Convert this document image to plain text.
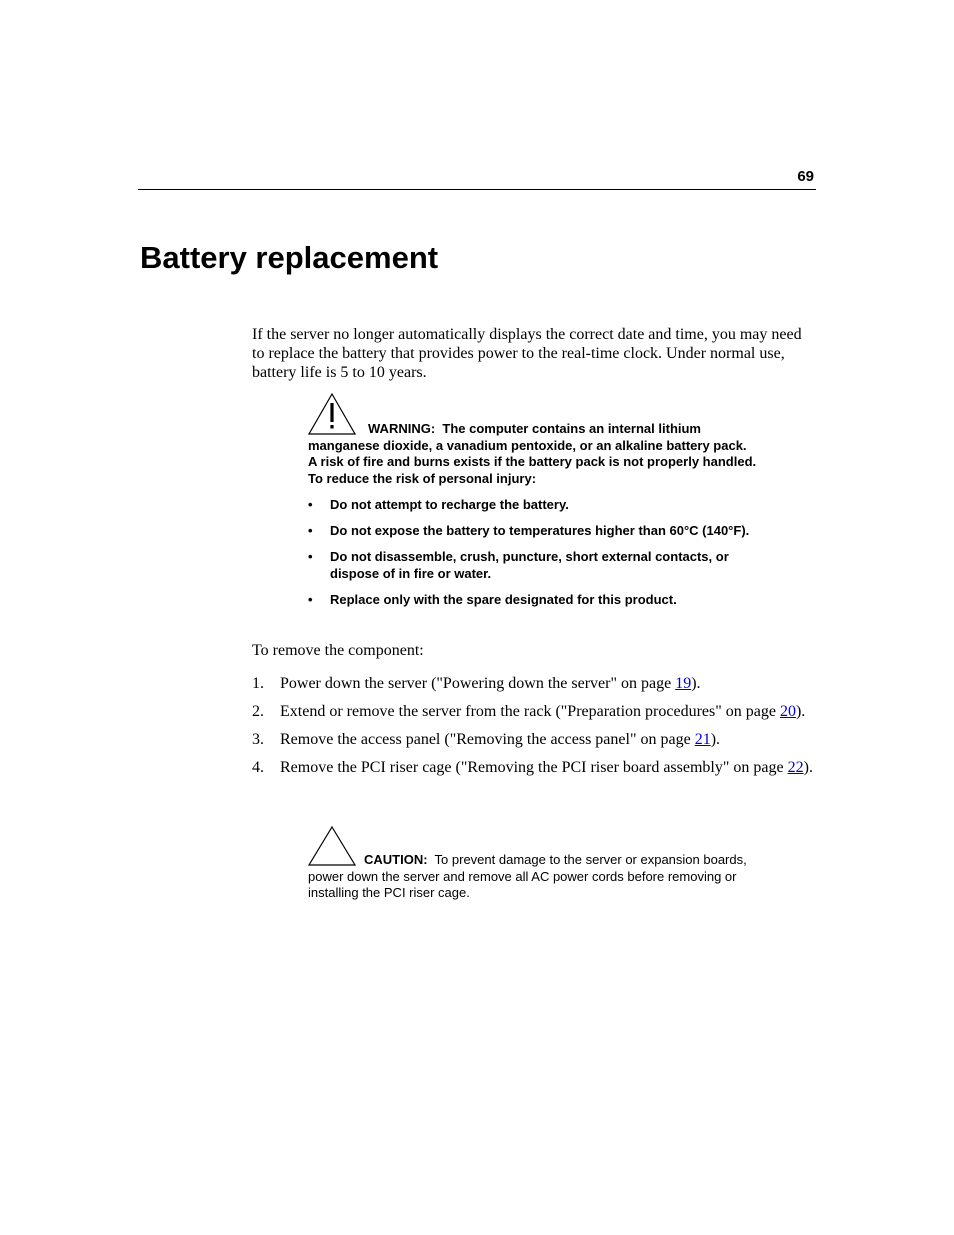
69
Battery replacement

If the server no longer automatically displays the correct date and time, you may need to replace the battery that provides power to the real-time clock. Under normal use, battery life is 5 to 10 years.

WARNING: The computer contains an internal lithium manganese dioxide, a vanadium pentoxide, or an alkaline battery pack. A risk of fire and burns exists if the battery pack is not properly handled. To reduce the risk of personal injury:
• Do not attempt to recharge the battery.
• Do not expose the battery to temperatures higher than 60°C (140°F).
• Do not disassemble, crush, puncture, short external contacts, or dispose of in fire or water.
• Replace only with the spare designated for this product.

To remove the component:

1. Power down the server ("Powering down the server" on page 19).
2. Extend or remove the server from the rack ("Preparation procedures" on page 20).
3. Remove the access panel ("Removing the access panel" on page 21).
4. Remove the PCI riser cage ("Removing the PCI riser board assembly" on page 22).
CAUTION: To prevent damage to the server or expansion boards, power down the server and remove all AC power cords before removing or installing the PCI riser cage.
